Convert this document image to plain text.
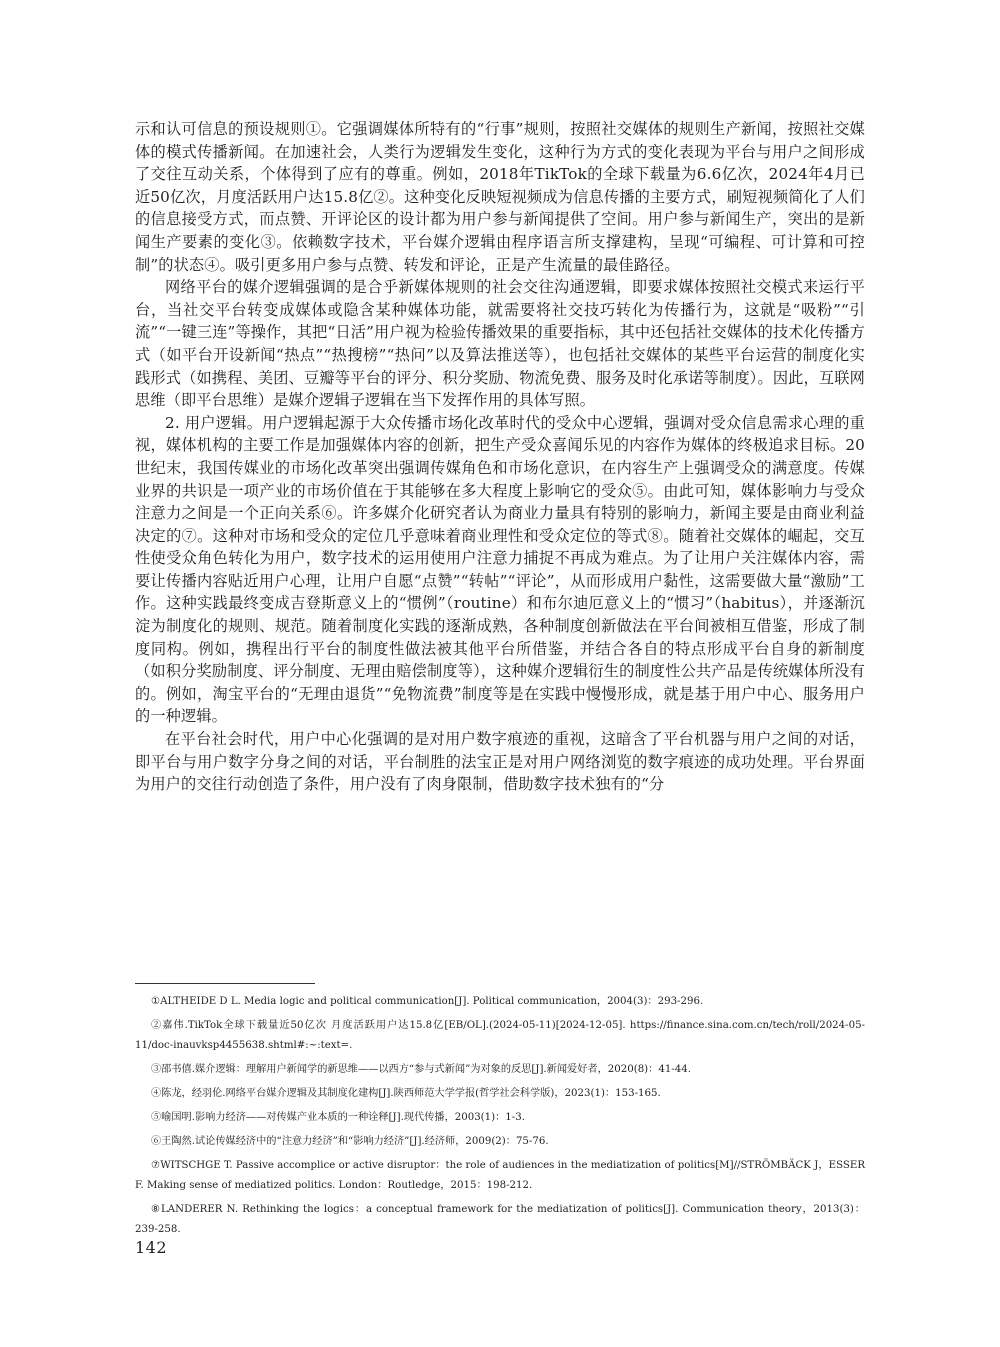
示和认可信息的预设规则①。它强调媒体所特有的“行事”规则，按照社交媒体的规则生产新闻，按照社交媒体的模式传播新闻。在加速社会，人类行为逻辑发生变化，这种行为方式的变化表现为平台与用户之间形成了交往互动关系，个体得到了应有的尊重。例如，2018年TikTok的全球下载量为6.6亿次，2024年4月已近50亿次，月度活跃用户达15.8亿②。这种变化反映短视频成为信息传播的主要方式，刷短视频简化了人们的信息接受方式，而点赞、开评论区的设计都为用户参与新闻提供了空间。用户参与新闻生产，突出的是新闻生产要素的变化③。依赖数字技术，平台媒介逻辑由程序语言所支撑建构，呈现“可编程、可计算和可控制”的状态④。吸引更多用户参与点赞、转发和评论，正是产生流量的最佳路径。

网络平台的媒介逻辑强调的是合乎新媒体规则的社会交往沟通逻辑，即要求媒体按照社交模式来运行平台，当社交平台转变成媒体或隐含某种媒体功能，就需要将社交技巧转化为传播行为，这就是“吸粉”“引流”“一键三连”等操作，其把“日活”用户视为检验传播效果的重要指标，其中还包括社交媒体的技术化传播方式（如平台开设新闻“热点”“热搜榜”“热问”以及算法推送等），也包括社交媒体的某些平台运营的制度化实践形式（如携程、美团、豆瓣等平台的评分、积分奖励、物流免费、服务及时化承诺等制度）。因此，互联网思维（即平台思维）是媒介逻辑子逻辑在当下发挥作用的具体写照。

2. 用户逻辑。用户逻辑起源于大众传播市场化改革时代的受众中心逻辑，强调对受众信息需求心理的重视，媒体机构的主要工作是加强媒体内容的创新，把生产受众喜闻乐见的内容作为媒体的终极追求目标。20世纪末，我国传媒业的市场化改革突出强调传媒角色和市场化意识，在内容生产上强调受众的满意度。传媒业界的共识是一项产业的市场价值在于其能够在多大程度上影响它的受众⑤。由此可知，媒体影响力与受众注意力之间是一个正向关系⑥。许多媒介化研究者认为商业力量具有特别的影响力，新闻主要是由商业利益决定的⑦。这种对市场和受众的定位几乎意味着商业理性和受众定位的等式⑧。随着社交媒体的崛起，交互性使受众角色转化为用户，数字技术的运用使用户注意力捕捉不再成为难点。为了让用户关注媒体内容，需要让传播内容贴近用户心理，让用户自愿“点赞”“转帖”“评论”，从而形成用户黏性，这需要做大量“激励”工作。这种实践最终变成吉登斯意义上的“惯例”（routine）和布尔迪厄意义上的“惯习”（habitus），并逐渐沉淀为制度化的规则、规范。随着制度化实践的逐渐成熟，各种制度创新做法在平台间被相互借鉴，形成了制度同构。例如，携程出行平台的制度性做法被其他平台所借鉴，并结合各自的特点形成平台自身的新制度（如积分奖励制度、评分制度、无理由赔偿制度等），这种媒介逻辑衍生的制度性公共产品是传统媒体所没有的。例如，淘宝平台的“无理由退货”“免物流费”制度等是在实践中慢慢形成，就是基于用户中心、服务用户的一种逻辑。

在平台社会时代，用户中心化强调的是对用户数字痕迹的重视，这暗含了平台机器与用户之间的对话，即平台与用户数字分身之间的对话，平台制胜的法宝正是对用户网络浏览的数字痕迹的成功处理。平台界面为用户的交往行动创造了条件，用户没有了肉身限制，借助数字技术独有的“分

①ALTHEIDE D L. Media logic and political communication[J]. Political communication，2004(3)：293-296.

②嘉伟.TikTok全球下载量近50亿次 月度活跃用户达15.8亿[EB/OL].(2024-05-11)[2024-12-05]. https://finance.sina.com.cn/tech/roll/2024-05-11/doc-inauvksp4455638.shtml#:~:text=.

③邵书僖.媒介逻辑：理解用户新闻学的新思维——以西方“参与式新闻”为对象的反思[J].新闻爱好者，2020(8)：41-44.

④陈龙，经羽伦.网络平台媒介逻辑及其制度化建构[J].陕西师范大学学报(哲学社会科学版)，2023(1)：153-165.

⑤喻国明.影响力经济——对传媒产业本质的一种诠释[J].现代传播，2003(1)：1-3.

⑥王陶然.试论传媒经济中的“注意力经济”和“影响力经济”[J].经济师，2009(2)：75-76.

⑦WITSCHGE T. Passive accomplice or active disruptor：the role of audiences in the mediatization of politics[M]//STRÖMBÄCK J，ESSER F. Making sense of mediatized politics. London：Routledge，2015：198-212.

⑧LANDERER N. Rethinking the logics：a conceptual framework for the mediatization of politics[J]. Communication theory，2013(3)：239-258.

142
